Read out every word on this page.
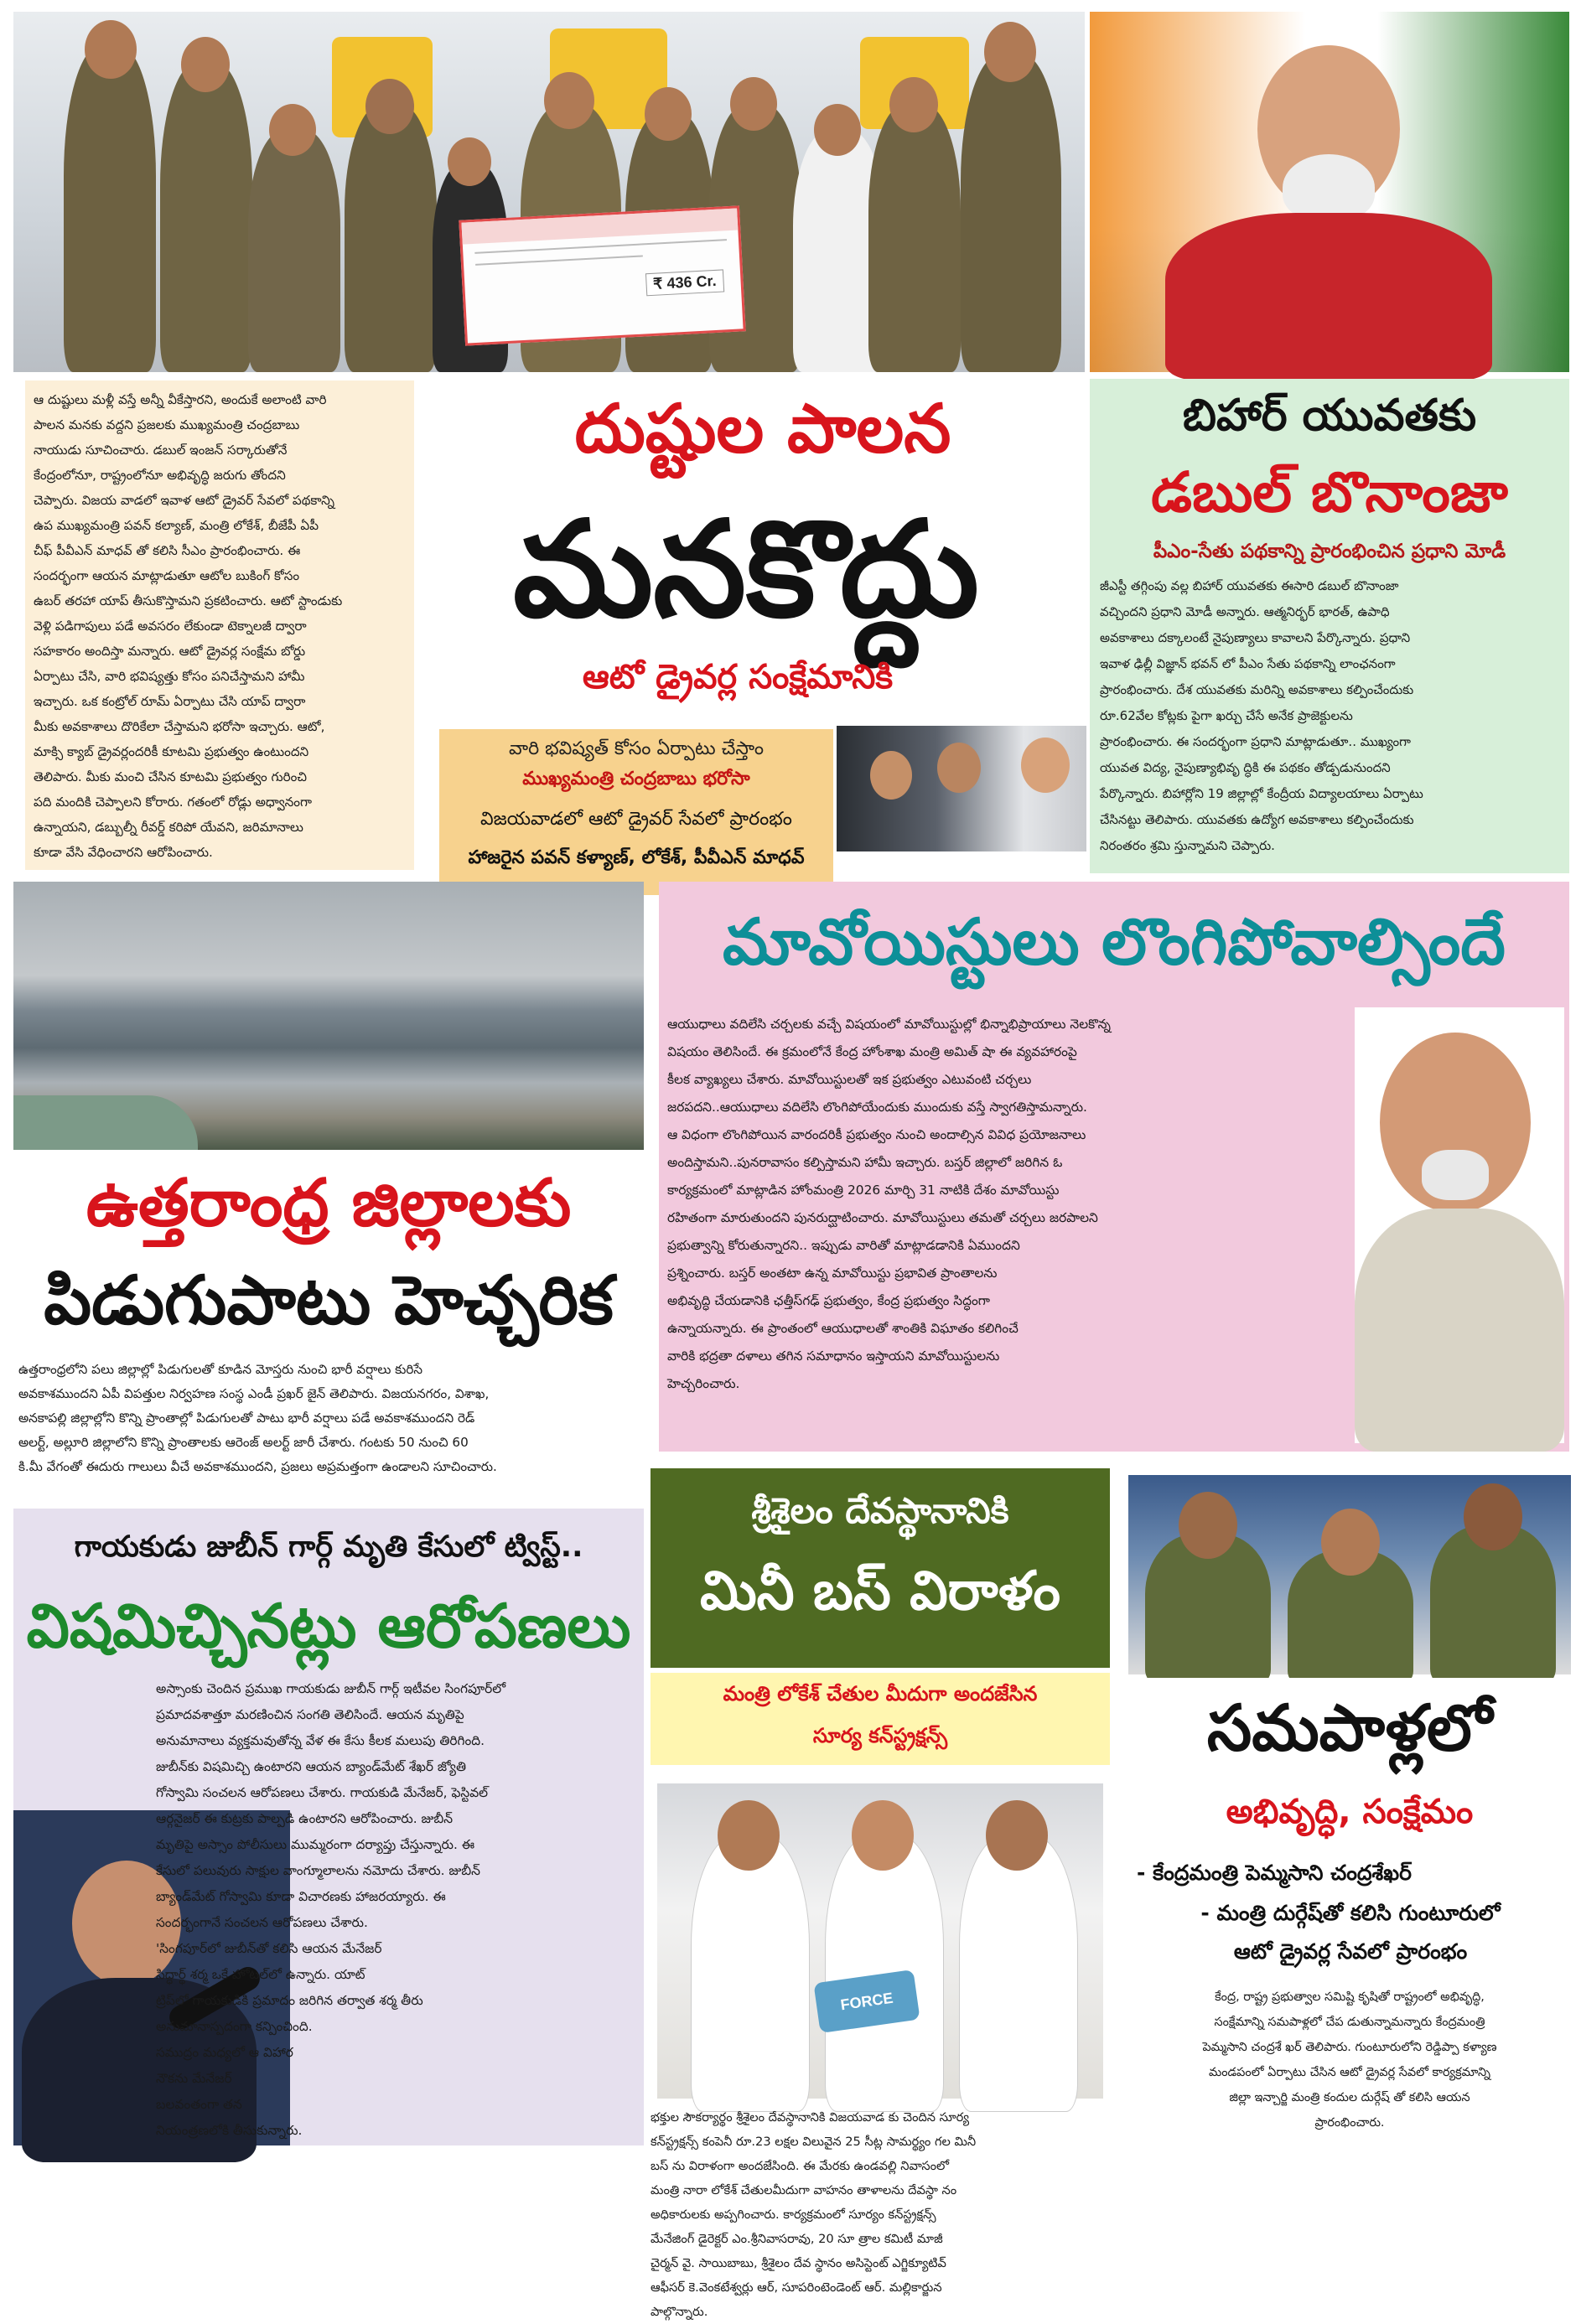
₹ 436 Cr.
ఆ దుష్టులు మళ్లీ వస్తే అన్నీ వీకేస్తారని, అందుకే అలాంటి వారి
పాలన మనకు వద్దని ప్రజలకు ముఖ్యమంత్రి చంద్రబాబు
నాయుడు సూచించారు. డబుల్ ఇంజన్ సర్కారుతోనే
కేంద్రంలోనూ, రాష్ట్రంలోనూ అభివృద్ధి జరుగు తోందని
చెప్పారు. విజయ వాడలో ఇవాళ ఆటో డ్రైవర్ సేవలో పథకాన్ని
ఉప ముఖ్యమంత్రి పవన్ కల్యాణ్, మంత్రి లోకేశ్, బీజేపీ ఏపీ
చీఫ్ పీవీఎన్ మాధవ్ తో కలిసి సీఎం ప్రారంభించారు. ఈ
సందర్భంగా ఆయన మాట్లాడుతూ ఆటోల బుకింగ్ కోసం
ఉబర్ తరహా యాప్ తీసుకొస్తామని ప్రకటించారు. ఆటో స్టాండుకు
వెళ్లి పడిగాపులు పడే అవసరం లేకుండా టెక్నాలజీ ద్వారా
సహకారం అందిస్తా మన్నారు. ఆటో డ్రైవర్ల సంక్షేమ బోర్డు
ఏర్పాటు చేసి, వారి భవిష్యత్తు కోసం పనిచేస్తామని హామీ
ఇచ్చారు. ఒక కంట్రోల్ రూమ్ ఏర్పాటు చేసి యాప్ ద్వారా
మీకు అవకాశాలు దొరికేలా చేస్తామని భరోసా ఇచ్చారు. ఆటో,
మాక్సి క్యాబ్ డ్రైవర్లందరికీ కూటమి ప్రభుత్వం ఉంటుందని
తెలిపారు. మీకు మంచి చేసిన కూటమి ప్రభుత్వం గురించి
పది మందికి చెప్పాలని కోరారు. గతంలో రోడ్లు అధ్వానంగా
ఉన్నాయని, డబ్బుల్నీ రీవర్డ్ కరిపో యేవని, జరిమానాలు
కూడా వేసి వేధించారని ఆరోపించారు.
దుష్టుల పాలన
మనకొద్దు
ఆటో డ్రైవర్ల సంక్షేమానికి
వారి భవిష్యత్ కోసం ఏర్పాటు చేస్తాం
ముఖ్యమంత్రి చంద్రబాబు భరోసా
విజయవాడలో ఆటో డ్రైవర్ సేవలో ప్రారంభం
హాజరైన పవన్ కళ్యాణ్, లోకేశ్, పీవీఎన్ మాధవ్
బిహార్ యువతకు
డబుల్ బొనాంజా
పీఎం-సేతు పథకాన్ని ప్రారంభించిన ప్రధాని మోడీ
జీఎస్టీ తగ్గింపు వల్ల బిహార్ యువతకు ఈసారి డబుల్ బొనాంజా
వచ్చిందని ప్రధాని మోడీ అన్నారు. ఆత్మనిర్భర్ భారత్, ఉపాధి
అవకాశాలు దక్కాలంటే నైపుణ్యాలు కావాలని పేర్కొన్నారు. ప్రధాని
ఇవాళ ఢిల్లీ విజ్ఞాన్ భవన్ లో పీఎం సేతు పథకాన్ని లాంఛనంగా
ప్రారంభించారు. దేశ యువతకు మరిన్ని అవకాశాలు కల్పించేందుకు
రూ.62వేల కోట్లకు పైగా ఖర్చు చేసే అనేక ప్రాజెక్టులను
ప్రారంభించారు. ఈ సందర్భంగా ప్రధాని మాట్లాడుతూ.. ముఖ్యంగా
యువత విద్య, నైపుణ్యాభివృ ద్ధికి ఈ పథకం తోడ్పడునుందని
పేర్కొన్నారు. బిహార్లోని 19 జిల్లాల్లో కేంద్రీయ విద్యాలయాలు ఏర్పాటు
చేసినట్టు తెలిపారు. యువతకు ఉద్యోగ అవకాశాలు కల్పించేందుకు
నిరంతరం శ్రమి స్తున్నామని చెప్పారు.
ఉత్తరాంధ్ర జిల్లాలకు
పిడుగుపాటు హెచ్చరిక
ఉత్తరాంధ్రలోని పలు జిల్లాల్లో పిడుగులతో కూడిన మోస్తరు నుంచి భారీ వర్షాలు కురిసే
అవకాశముందని ఏపీ విపత్తుల నిర్వహణ సంస్థ ఎండీ ప్రఖర్ జైన్ తెలిపారు. విజయనగరం, విశాఖ,
అనకాపల్లి జిల్లాల్లోని కొన్ని ప్రాంతాల్లో పిడుగులతో పాటు భారీ వర్షాలు పడే అవకాశముందని రెడ్
అలర్ట్, అల్లూరి జిల్లాలోని కొన్ని ప్రాంతాలకు ఆరెంజ్ అలర్ట్ జారీ చేశారు. గంటకు 50 నుంచి 60
కి.మీ వేగంతో ఈదురు గాలులు వీచే అవకాశముందని, ప్రజలు అప్రమత్తంగా ఉండాలని సూచించారు.
మావోయిస్టులు లొంగిపోవాల్సిందే
ఆయుధాలు వదిలేసి చర్చలకు వచ్చే విషయంలో మావోయిస్టుల్లో భిన్నాభిప్రాయాలు నెలకొన్న
విషయం తెలిసిందే. ఈ క్రమంలోనే కేంద్ర హోంశాఖ మంత్రి అమిత్ షా ఈ వ్యవహారంపై
కీలక వ్యాఖ్యలు చేశారు. మావోయిస్టులతో ఇక ప్రభుత్వం ఎటువంటి చర్చలు
జరపదని..ఆయుధాలు వదిలేసి లొంగిపోయేందుకు ముందుకు వస్తే స్వాగతిస్తామన్నారు.
ఆ విధంగా లొంగిపోయిన వారందరికీ ప్రభుత్వం నుంచి అందాల్సిన వివిధ ప్రయోజనాలు
అందిస్తామని..పునరావాసం కల్పిస్తామని హామీ ఇచ్చారు. బస్తర్ జిల్లాలో జరిగిన ఓ
కార్యక్రమంలో మాట్లాడిన హోంమంత్రి 2026 మార్చి 31 నాటికి దేశం మావోయిస్టు
రహితంగా మారుతుందని పునరుద్ఘాటించారు. మావోయిస్టులు తమతో చర్చలు జరపాలని
ప్రభుత్వాన్ని కోరుతున్నారని.. ఇప్పుడు వారితో మాట్లాడడానికి ఏముందని
ప్రశ్నించారు. బస్తర్ అంతటా ఉన్న మావోయిస్టు ప్రభావిత ప్రాంతాలను
అభివృద్ధి చేయడానికి ఛత్తీస్‌గఢ్ ప్రభుత్వం, కేంద్ర ప్రభుత్వం సిద్ధంగా
ఉన్నాయన్నారు. ఈ ప్రాంతంలో ఆయుధాలతో శాంతికి విఘాతం కలిగించే
వారికి భద్రతా దళాలు తగిన సమాధానం ఇస్తాయని మావోయిస్టులను
హెచ్చరించారు.
గాయకుడు జుబీన్ గార్గ్ మృతి కేసులో ట్విస్ట్..
విషమిచ్చినట్లు ఆరోపణలు
అస్సాంకు చెందిన ప్రముఖ గాయకుడు జుబీన్ గార్గ్ ఇటీవల సింగపూర్‌లో
ప్రమాదవశాత్తూ మరణించిన సంగతి తెలిసిందే. ఆయన మృతిపై
అనుమానాలు వ్యక్తమవుతోన్న వేళ ఈ కేసు కీలక మలుపు తిరిగింది.
జుబీన్‌కు విషమిచ్చి ఉంటారని ఆయన బ్యాండ్‌మేట్ శేఖర్ జ్యోతి
గోస్వామి సంచలన ఆరోపణలు చేశారు. గాయకుడి మేనేజర్, ఫెస్టివల్
ఆర్గనైజర్‌ ఈ కుట్రకు పాల్పడి ఉంటారని ఆరోపించారు. జుబీన్
మృతిపై అస్సాం పోలీసులు ముమ్మరంగా దర్యాప్తు చేస్తున్నారు. ఈ
కేసులో పలువురు సాక్షుల వాంగ్మూలాలను నమోదు చేశారు. జుబీన్
బ్యాండ్‌మేట్ గోస్వామి కూడా విచారణకు హాజరయ్యారు. ఈ
సందర్భంగానే సంచలన ఆరోపణలు చేశారు.
'సింగపూర్‌లో జుబీన్‌తో కలిసి ఆయన మేనేజర్
సిద్ధార్థ్ శర్మ ఒకే హోటల్‌లో ఉన్నారు. యాట్
ట్రిప్‌లో గాయకుడికి ప్రమాదం జరిగిన తర్వాత శర్మ తీరు
అనుమానాస్పదంగా కన్పించింది.
సముద్రం మధ్యలో ఆ విహార
నౌకను మేనేజర్
బలవంతంగా తన
నియంత్రణలోకి తీసుకున్నారు.
శ్రీశైలం దేవస్థానానికి
మినీ బస్ విరాళం
మంత్రి లోకేశ్ చేతుల మీదుగా అందజేసిన
సూర్య కన్‌స్ట్రక్షన్స్
FORCE
భక్తుల సౌకర్యార్థం శ్రీశైలం దేవస్థానానికి విజయవాడ కు చెందిన సూర్య
కన్‌స్ట్రక్షన్స్ కంపెనీ రూ.23 లక్షల విలువైన 25 సీట్ల సామర్థ్యం గల మినీ
బస్ ను విరాళంగా అందజేసింది. ఈ మేరకు ఉండవల్లి నివాసంలో
మంత్రి నారా లోకేశ్ చేతులమీదుగా వాహనం తాళాలను దేవస్థా నం
అధికారులకు అప్పగించారు. కార్యక్రమంలో సూర్యం కన్‌స్ట్రక్షన్స్
మేనేజింగ్ డైరెక్టర్ ఎం.శ్రీనివాసరావు, 20 సూ త్రాల కమిటీ మాజీ
చైర్మన్ వై. సాయిబాబు, శ్రీశైలం దేవ స్థానం అసిస్టెంట్ ఎగ్జిక్యూటివ్
ఆఫీసర్ కె.వెంకటేశ్వర్లు ఆర్, సూపరింటెండెంట్ ఆర్. మల్లికార్జున
పాల్గొన్నారు.
సమపాళ్లలో
అభివృద్ధి, సంక్షేమం
- కేంద్రమంత్రి పెమ్మసాని చంద్రశేఖర్
- మంత్రి దుర్గేష్‌తో కలిసి గుంటూరులో
ఆటో డ్రైవర్ల సేవలో ప్రారంభం
కేంద్ర, రాష్ట్ర ప్రభుత్వాల సమిష్టి కృషితో రాష్ట్రంలో అభివృద్ధి,
సంక్షేమాన్ని సమపాళ్లలో చేప డుతున్నామన్నారు కేంద్రమంత్రి
పెమ్మసాని చంద్రశే ఖర్ తెలిపారు. గుంటూరులోని రెడ్డిప్పా కళ్యాణ
మండపంలో ఏర్పాటు చేసిన ఆటో డ్రైవర్ల సేవలో కార్యక్రమాన్ని
జిల్లా ఇన్చార్జి మంత్రి కందుల దుర్గేష్ తో కలిసి ఆయన
ప్రారంభించారు.
